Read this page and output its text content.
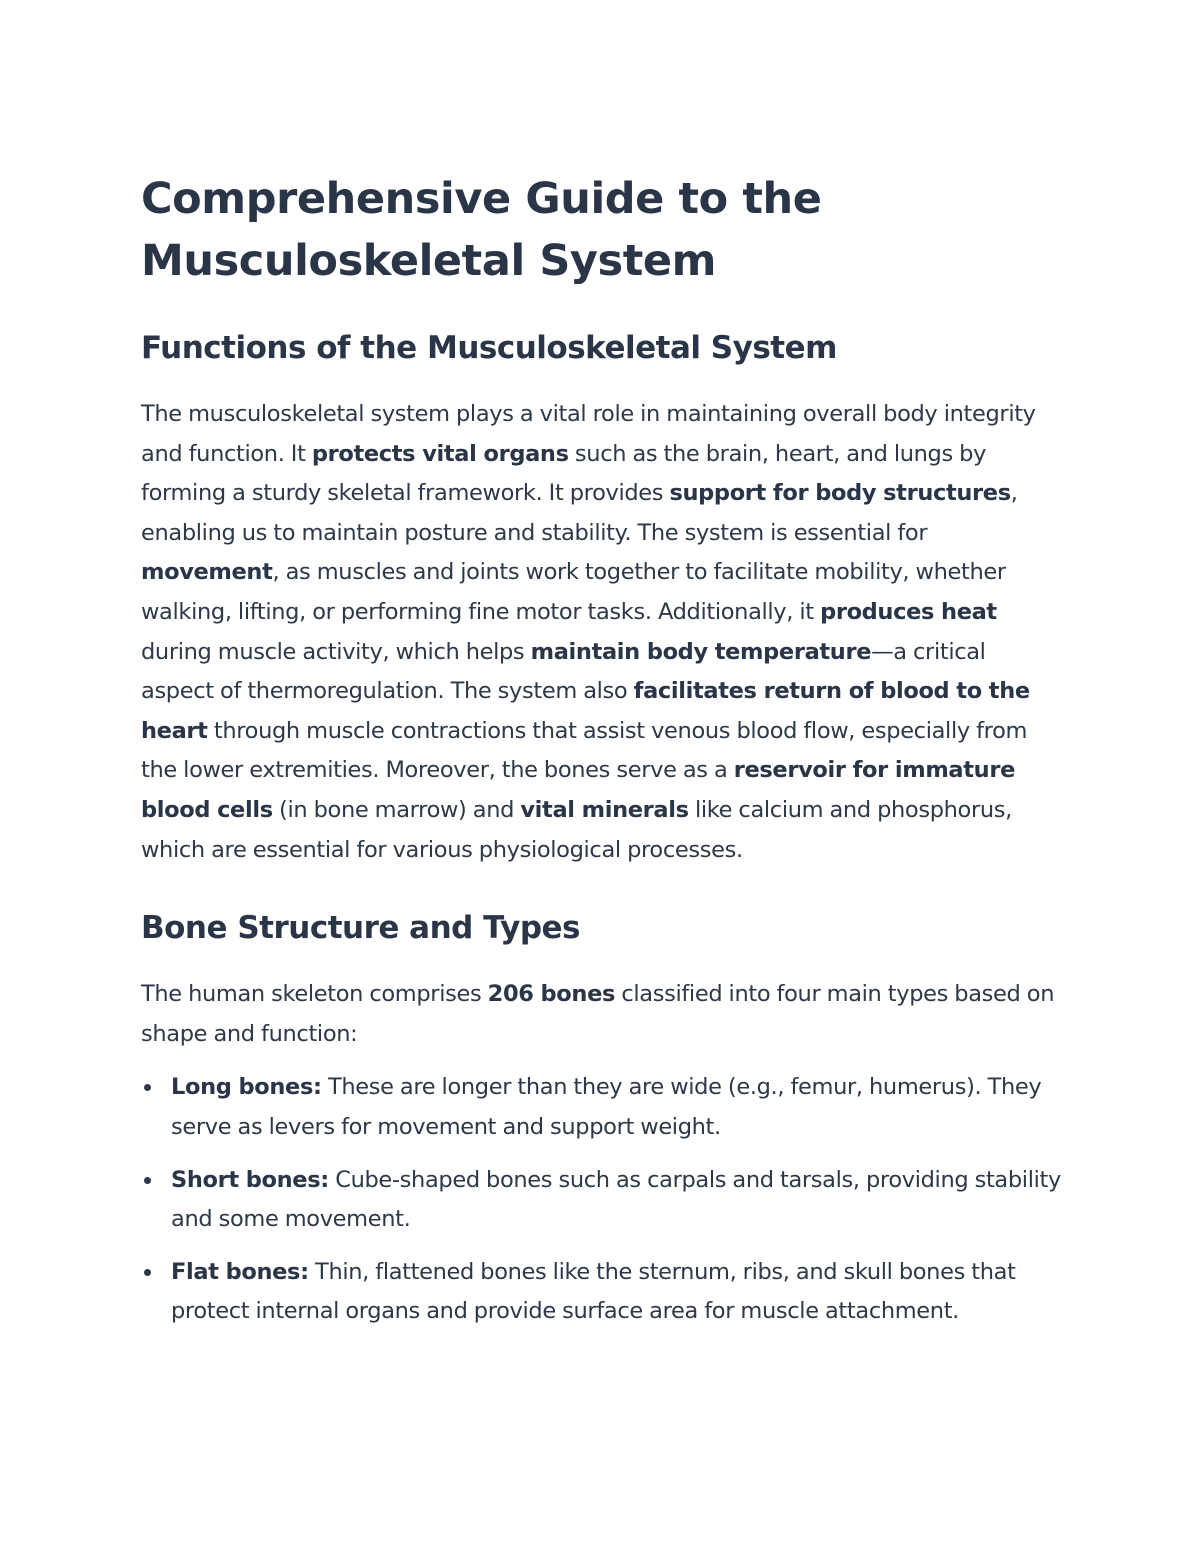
Comprehensive Guide to the Musculoskeletal System
Functions of the Musculoskeletal System

The musculoskeletal system plays a vital role in maintaining overall body integrity and function. It protects vital organs such as the brain, heart, and lungs by forming a sturdy skeletal framework. It provides support for body structures, enabling us to maintain posture and stability. The system is essential for movement, as muscles and joints work together to facilitate mobility, whether walking, lifting, or performing fine motor tasks. Additionally, it produces heat during muscle activity, which helps maintain body temperature—a critical aspect of thermoregulation. The system also facilitates return of blood to the heart through muscle contractions that assist venous blood flow, especially from the lower extremities. Moreover, the bones serve as a reservoir for immature blood cells (in bone marrow) and vital minerals like calcium and phosphorus, which are essential for various physiological processes.

Bone Structure and Types

The human skeleton comprises 206 bones classified into four main types based on shape and function:

Long bones: These are longer than they are wide (e.g., femur, humerus). They serve as levers for movement and support weight.
Short bones: Cube-shaped bones such as carpals and tarsals, providing stability and some movement.
Flat bones: Thin, flattened bones like the sternum, ribs, and skull bones that protect internal organs and provide surface area for muscle attachment.
